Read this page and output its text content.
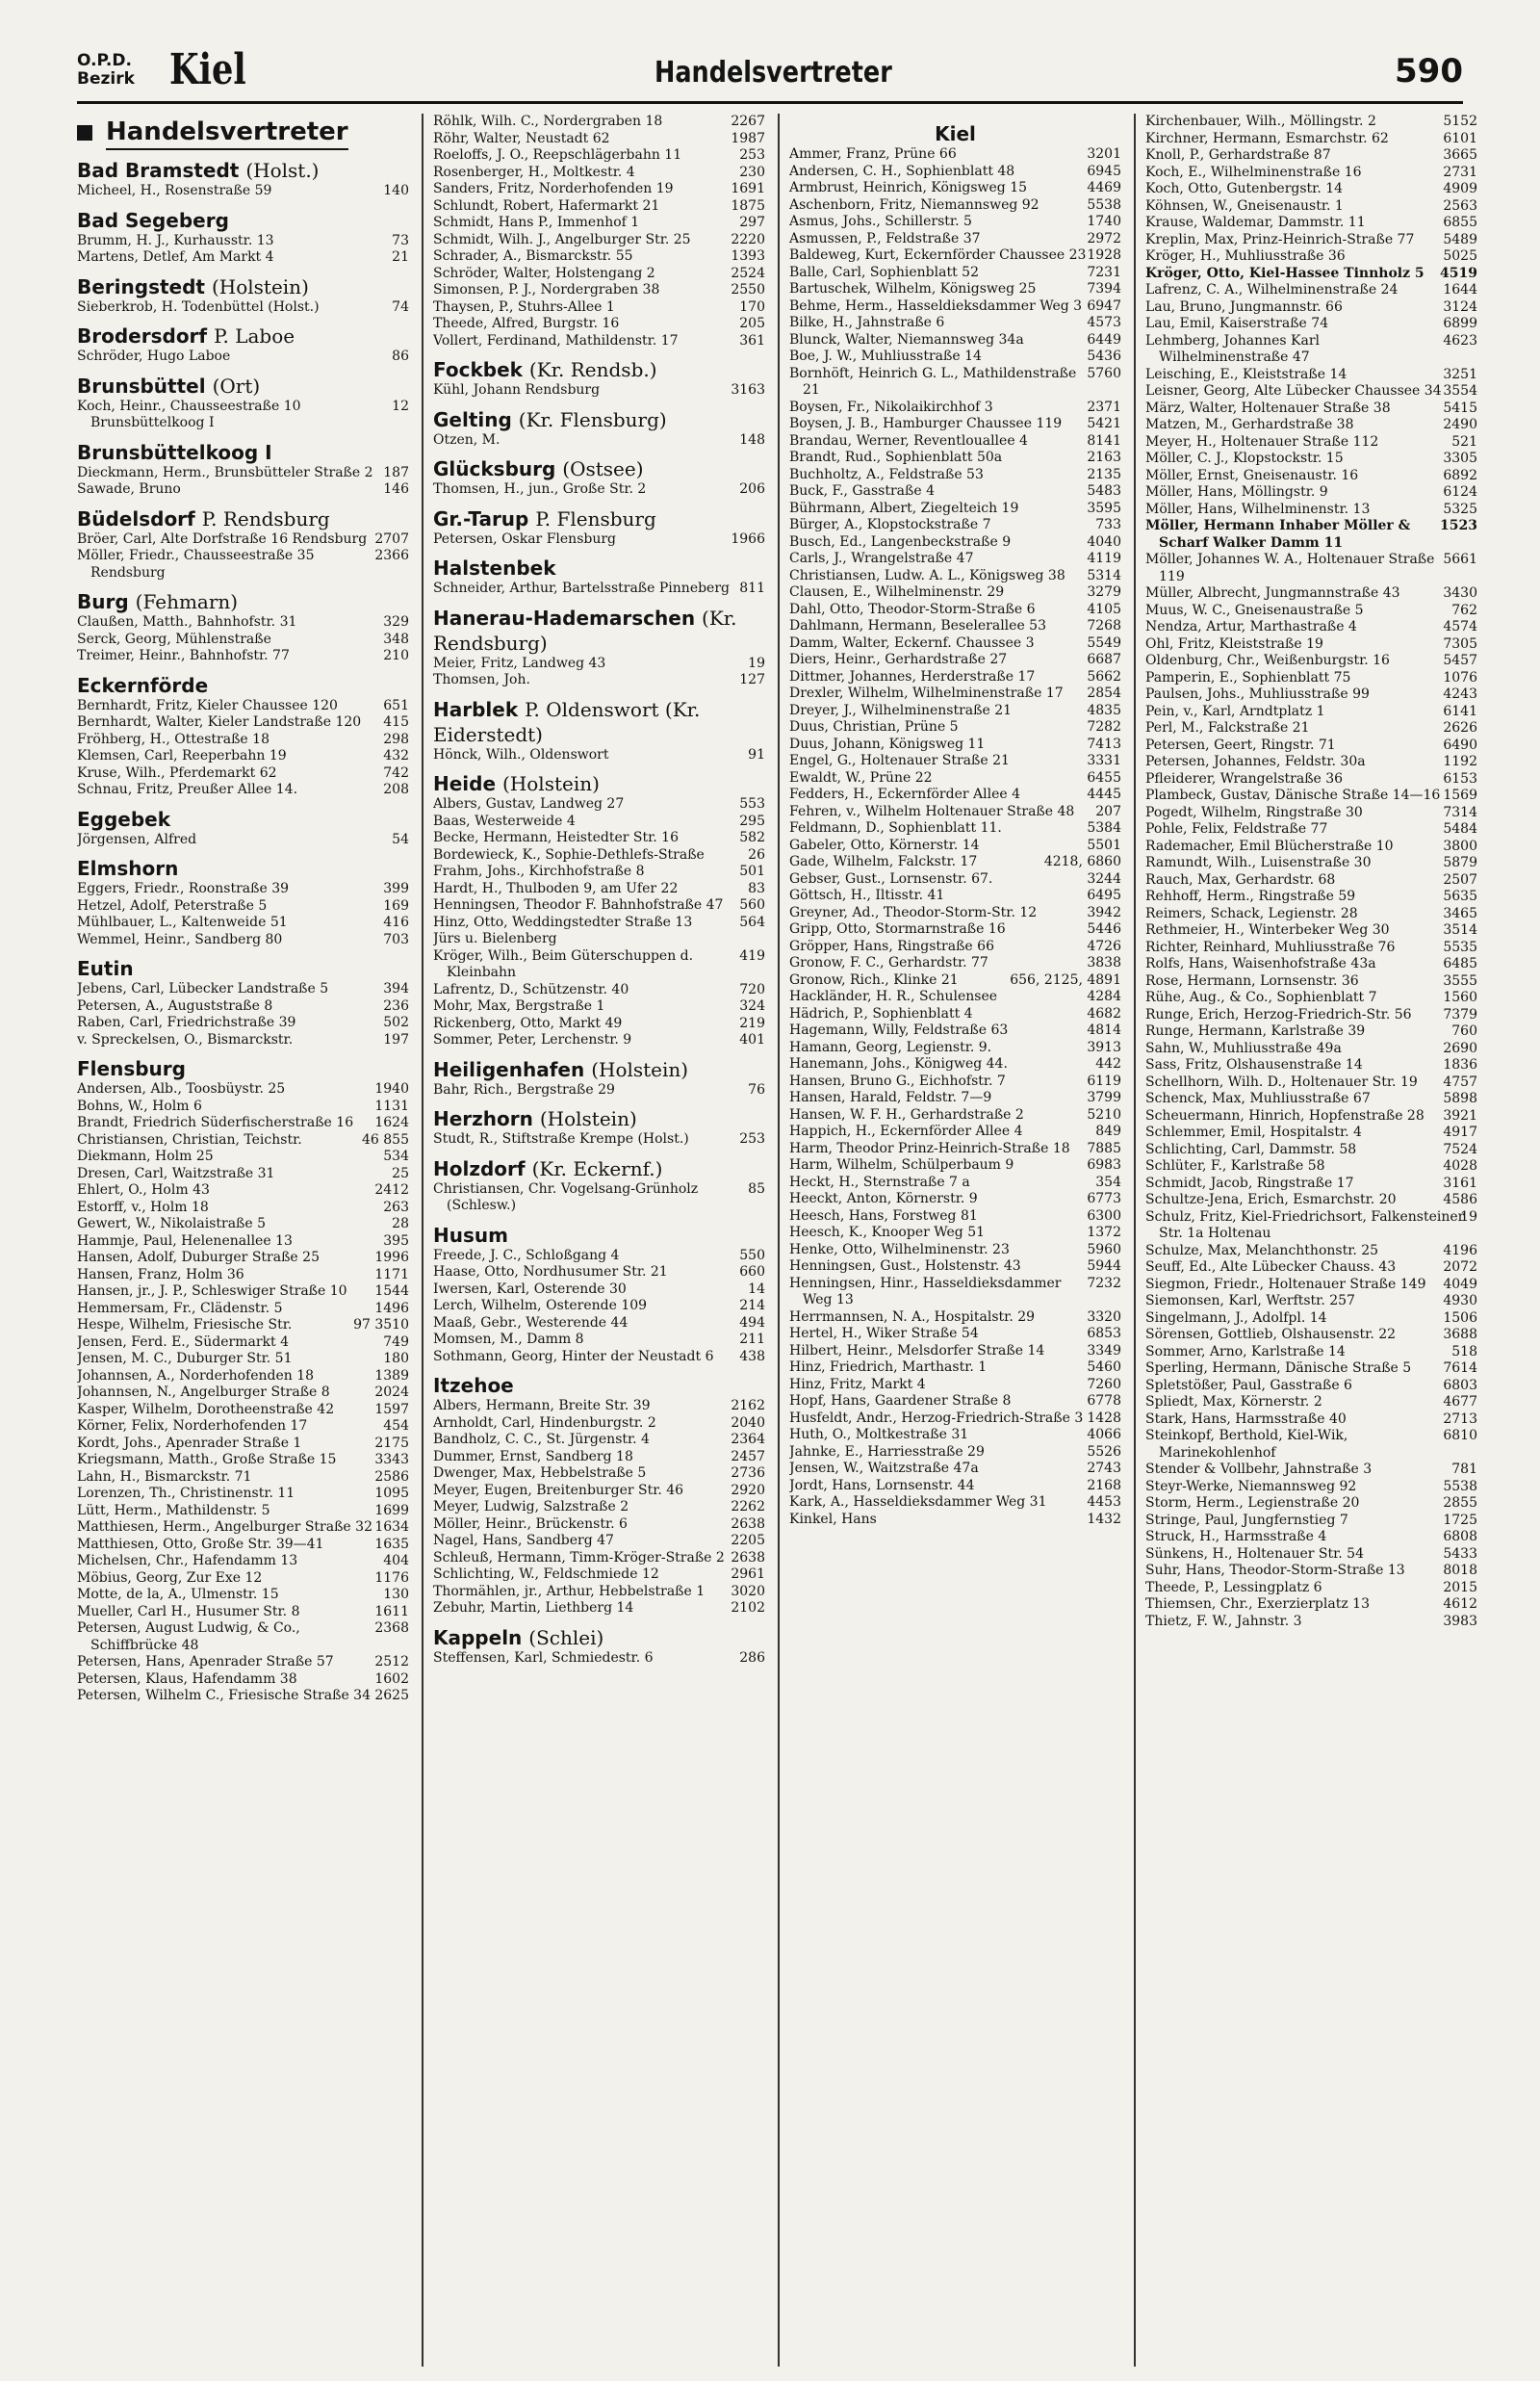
O.P.D.
Bezirk Kiel	Handelsvertreter	590
Handelsvertreter
Bad Bramstedt (Holst.)
140
Micheel, H., Rosenstraße 59
Bad Segeberg
73
Brumm, H. J., Kurhausstr. 13
21
Martens, Detlef, Am Markt 4
Beringstedt (Holstein)
74
Sieberkrob, H. Todenbüttel (Holst.)
Brodersdorf P. Laboe
86
Schröder, Hugo Laboe
Brunsbüttel (Ort)
12
Koch, Heinr., Chausseestraße 10 Brunsbüttelkoog I
Brunsbüttelkoog I
187
Dieckmann, Herm., Brunsbütteler Straße 2
146
Sawade, Bruno
Büdelsdorf P. Rendsburg
2707
Bröer, Carl, Alte Dorfstraße 16 Rendsburg
2366
Möller, Friedr., Chausseestraße 35 Rendsburg
Burg (Fehmarn)
329
Claußen, Matth., Bahnhofstr. 31
348
Serck, Georg, Mühlenstraße
210
Treimer, Heinr., Bahnhofstr. 77
Eckernförde
651
Bernhardt, Fritz, Kieler Chaussee 120
415
Bernhardt, Walter, Kieler Landstraße 120
298
Fröhberg, H., Ottestraße 18
432
Klemsen, Carl, Reeperbahn 19
742
Kruse, Wilh., Pferdemarkt 62
208
Schnau, Fritz, Preußer Allee 14.
Eggebek
54
Jörgensen, Alfred
Elmshorn
399
Eggers, Friedr., Roonstraße 39
169
Hetzel, Adolf, Peterstraße 5
416
Mühlbauer, L., Kaltenweide 51
703
Wemmel, Heinr., Sandberg 80
Eutin
394
Jebens, Carl, Lübecker Landstraße 5
236
Petersen, A., Auguststraße 8
502
Raben, Carl, Friedrichstraße 39
197
v. Spreckelsen, O., Bismarckstr.
Flensburg
1940
Andersen, Alb., Toosbüystr. 25
1131
Bohns, W., Holm 6
1624
Brandt, Friedrich Süderfischerstraße 16
46 855
Christiansen, Christian, Teichstr.
534
Diekmann, Holm 25
25
Dresen, Carl, Waitzstraße 31
2412
Ehlert, O., Holm 43
263
Estorff, v., Holm 18
28
Gewert, W., Nikolaistraße 5
395
Hammje, Paul, Helenenallee 13
1996
Hansen, Adolf, Duburger Straße 25
1171
Hansen, Franz, Holm 36
1544
Hansen, jr., J. P., Schleswiger Straße 10
1496
Hemmersam, Fr., Clädenstr. 5
97 3510
Hespe, Wilhelm, Friesische Str.
749
Jensen, Ferd. E., Südermarkt 4
180
Jensen, M. C., Duburger Str. 51
1389
Johannsen, A., Norderhofenden 18
2024
Johannsen, N., Angelburger Straße 8
1597
Kasper, Wilhelm, Dorotheenstraße 42
454
Körner, Felix, Norderhofenden 17
2175
Kordt, Johs., Apenrader Straße 1
3343
Kriegsmann, Matth., Große Straße 15
2586
Lahn, H., Bismarckstr. 71
1095
Lorenzen, Th., Christinenstr. 11
1699
Lütt, Herm., Mathildenstr. 5
1634
Matthiesen, Herm., Angelburger Straße 32
1635
Matthiesen, Otto, Große Str. 39—41
404
Michelsen, Chr., Hafendamm 13
1176
Möbius, Georg, Zur Exe 12
130
Motte, de la, A., Ulmenstr. 15
1611
Mueller, Carl H., Husumer Str. 8
2368
Petersen, August Ludwig, & Co., Schiffbrücke 48
2512
Petersen, Hans, Apenrader Straße 57
1602
Petersen, Klaus, Hafendamm 38
2625
Petersen, Wilhelm C., Friesische Straße 34
2267
Röhlk, Wilh. C., Nordergraben 18
1987
Röhr, Walter, Neustadt 62
253
Roeloffs, J. O., Reepschlägerbahn 11
230
Rosenberger, H., Moltkestr. 4
1691
Sanders, Fritz, Norderhofenden 19
1875
Schlundt, Robert, Hafermarkt 21
297
Schmidt, Hans P., Immenhof 1
2220
Schmidt, Wilh. J., Angelburger Str. 25
1393
Schrader, A., Bismarckstr. 55
2524
Schröder, Walter, Holstengang 2
2550
Simonsen, P. J., Nordergraben 38
170
Thaysen, P., Stuhrs-Allee 1
205
Theede, Alfred, Burgstr. 16
361
Vollert, Ferdinand, Mathildenstr. 17
Fockbek (Kr. Rendsb.)
3163
Kühl, Johann Rendsburg
Gelting (Kr. Flensburg)
148
Otzen, M.
Glücksburg (Ostsee)
206
Thomsen, H., jun., Große Str. 2
Gr.-Tarup P. Flensburg
1966
Petersen, Oskar Flensburg
Halstenbek
811
Schneider, Arthur, Bartelsstraße Pinneberg
Hanerau-Hademarschen (Kr. Rendsburg)
19
Meier, Fritz, Landweg 43
127
Thomsen, Joh.
Harblek P. Oldenswort (Kr. Eiderstedt)
91
Hönck, Wilh., Oldenswort
Heide (Holstein)
553
Albers, Gustav, Landweg 27
295
Baas, Westerweide 4
582
Becke, Hermann, Heistedter Str. 16
26
Bordewieck, K., Sophie-Dethlefs-Straße
501
Frahm, Johs., Kirchhofstraße 8
83
Hardt, H., Thulboden 9, am Ufer 22
560
Henningsen, Theodor F. Bahnhofstraße 47
564
Hinz, Otto, Weddingstedter Straße 13
Jürs u. Bielenberg
419
Kröger, Wilh., Beim Güterschuppen d. Kleinbahn
720
Lafrentz, D., Schützenstr. 40
324
Mohr, Max, Bergstraße 1
219
Rickenberg, Otto, Markt 49
401
Sommer, Peter, Lerchenstr. 9
Heiligenhafen (Holstein)
76
Bahr, Rich., Bergstraße 29
Herzhorn (Holstein)
253
Studt, R., Stiftstraße Krempe (Holst.)
Holzdorf (Kr. Eckernf.)
85
Christiansen, Chr. Vogelsang-Grünholz (Schlesw.)
Husum
550
Freede, J. C., Schloßgang 4
660
Haase, Otto, Nordhusumer Str. 21
14
Iwersen, Karl, Osterende 30
214
Lerch, Wilhelm, Osterende 109
494
Maaß, Gebr., Westerende 44
211
Momsen, M., Damm 8
438
Sothmann, Georg, Hinter der Neustadt 6
Itzehoe
2162
Albers, Hermann, Breite Str. 39
2040
Arnholdt, Carl, Hindenburgstr. 2
2364
Bandholz, C. C., St. Jürgenstr. 4
2457
Dummer, Ernst, Sandberg 18
2736
Dwenger, Max, Hebbelstraße 5
2920
Meyer, Eugen, Breitenburger Str. 46
2262
Meyer, Ludwig, Salzstraße 2
2638
Möller, Heinr., Brückenstr. 6
2205
Nagel, Hans, Sandberg 47
2638
Schleuß, Hermann, Timm-Kröger-Straße 2
2961
Schlichting, W., Feldschmiede 12
3020
Thormählen, jr., Arthur, Hebbelstraße 1
2102
Zebuhr, Martin, Liethberg 14
Kappeln (Schlei)
286
Steffensen, Karl, Schmiedestr. 6
Kiel
3201
Ammer, Franz, Prüne 66
6945
Andersen, C. H., Sophienblatt 48
4469
Armbrust, Heinrich, Königsweg 15
5538
Aschenborn, Fritz, Niemannsweg 92
1740
Asmus, Johs., Schillerstr. 5
2972
Asmussen, P., Feldstraße 37
1928
Baldeweg, Kurt, Eckernförder Chaussee 23
7231
Balle, Carl, Sophienblatt 52
7394
Bartuschek, Wilhelm, Königsweg 25
6947
Behme, Herm., Hasseldieksdammer Weg 3
4573
Bilke, H., Jahnstraße 6
6449
Blunck, Walter, Niemannsweg 34a
5436
Boe, J. W., Muhliusstraße 14
5760
Bornhöft, Heinrich G. L., Mathildenstraße 21
2371
Boysen, Fr., Nikolaikirchhof 3
5421
Boysen, J. B., Hamburger Chaussee 119
8141
Brandau, Werner, Reventlouallee 4
2163
Brandt, Rud., Sophienblatt 50a
2135
Buchholtz, A., Feldstraße 53
5483
Buck, F., Gasstraße 4
3595
Bührmann, Albert, Ziegelteich 19
733
Bürger, A., Klopstockstraße 7
4040
Busch, Ed., Langenbeckstraße 9
4119
Carls, J., Wrangelstraße 47
5314
Christiansen, Ludw. A. L., Königsweg 38
3279
Clausen, E., Wilhelminenstr. 29
4105
Dahl, Otto, Theodor-Storm-Straße 6
7268
Dahlmann, Hermann, Beselerallee 53
5549
Damm, Walter, Eckernf. Chaussee 3
6687
Diers, Heinr., Gerhardstraße 27
5662
Dittmer, Johannes, Herderstraße 17
2854
Drexler, Wilhelm, Wilhelminenstraße 17
4835
Dreyer, J., Wilhelminenstraße 21
7282
Duus, Christian, Prüne 5
7413
Duus, Johann, Königsweg 11
3331
Engel, G., Holtenauer Straße 21
6455
Ewaldt, W., Prüne 22
4445
Fedders, H., Eckernförder Allee 4
207
Fehren, v., Wilhelm Holtenauer Straße 48
5384
Feldmann, D., Sophienblatt 11.
5501
Gabeler, Otto, Körnerstr. 14
4218, 6860
Gade, Wilhelm, Falckstr. 17
3244
Gebser, Gust., Lornsenstr. 67.
6495
Göttsch, H., Iltisstr. 41
3942
Greyner, Ad., Theodor-Storm-Str. 12
5446
Gripp, Otto, Stormarnstraße 16
4726
Gröpper, Hans, Ringstraße 66
3838
Gronow, F. C., Gerhardstr. 77
656, 2125, 4891
Gronow, Rich., Klinke 21
4284
Hackländer, H. R., Schulensee
4682
Hädrich, P., Sophienblatt 4
4814
Hagemann, Willy, Feldstraße 63
3913
Hamann, Georg, Legienstr. 9.
442
Hanemann, Johs., Königweg 44.
6119
Hansen, Bruno G., Eichhofstr. 7
3799
Hansen, Harald, Feldstr. 7—9
5210
Hansen, W. F. H., Gerhardstraße 2
849
Happich, H., Eckernförder Allee 4
7885
Harm, Theodor Prinz-Heinrich-Straße 18
6983
Harm, Wilhelm, Schülperbaum 9
354
Heckt, H., Sternstraße 7 a
6773
Heeckt, Anton, Körnerstr. 9
6300
Heesch, Hans, Forstweg 81
1372
Heesch, K., Knooper Weg 51
5960
Henke, Otto, Wilhelminenstr. 23
5944
Henningsen, Gust., Holstenstr. 43
7232
Henningsen, Hinr., Hasseldieksdammer Weg 13
3320
Herrmannsen, N. A., Hospitalstr. 29
6853
Hertel, H., Wiker Straße 54
3349
Hilbert, Heinr., Melsdorfer Straße 14
5460
Hinz, Friedrich, Marthastr. 1
7260
Hinz, Fritz, Markt 4
6778
Hopf, Hans, Gaardener Straße 8
1428
Husfeldt, Andr., Herzog-Friedrich-Straße 3
4066
Huth, O., Moltkestraße 31
5526
Jahnke, E., Harriesstraße 29
2743
Jensen, W., Waitzstraße 47a
2168
Jordt, Hans, Lornsenstr. 44
4453
Kark, A., Hasseldieksdammer Weg 31
1432
Kinkel, Hans
5152
Kirchenbauer, Wilh., Möllingstr. 2
6101
Kirchner, Hermann, Esmarchstr. 62
3665
Knoll, P., Gerhardstraße 87
2731
Koch, E., Wilhelminenstraße 16
4909
Koch, Otto, Gutenbergstr. 14
2563
Köhnsen, W., Gneisenaustr. 1
6855
Krause, Waldemar, Dammstr. 11
5489
Kreplin, Max, Prinz-Heinrich-Straße 77
5025
Kröger, H., Muhliusstraße 36
4519
Kröger, Otto, Kiel-Hassee Tinnholz 5
1644
Lafrenz, C. A., Wilhelminenstraße 24
3124
Lau, Bruno, Jungmannstr. 66
6899
Lau, Emil, Kaiserstraße 74
4623
Lehmberg, Johannes Karl Wilhelminenstraße 47
3251
Leisching, E., Kleiststraße 14
3554
Leisner, Georg, Alte Lübecker Chaussee 34
5415
März, Walter, Holtenauer Straße 38
2490
Matzen, M., Gerhardstraße 38
521
Meyer, H., Holtenauer Straße 112
3305
Möller, C. J., Klopstockstr. 15
6892
Möller, Ernst, Gneisenaustr. 16
6124
Möller, Hans, Möllingstr. 9
5325
Möller, Hans, Wilhelminenstr. 13
1523
Möller, Hermann Inhaber Möller & Scharf Walker Damm 11
5661
Möller, Johannes W. A., Holtenauer Straße 119
3430
Müller, Albrecht, Jungmannstraße 43
762
Muus, W. C., Gneisenaustraße 5
4574
Nendza, Artur, Marthastraße 4
7305
Ohl, Fritz, Kleiststraße 19
5457
Oldenburg, Chr., Weißenburgstr. 16
1076
Pamperin, E., Sophienblatt 75
4243
Paulsen, Johs., Muhliusstraße 99
6141
Pein, v., Karl, Arndtplatz 1
2626
Perl, M., Falckstraße 21
6490
Petersen, Geert, Ringstr. 71
1192
Petersen, Johannes, Feldstr. 30a
6153
Pfleiderer, Wrangelstraße 36
1569
Plambeck, Gustav, Dänische Straße 14—16
7314
Pogedt, Wilhelm, Ringstraße 30
5484
Pohle, Felix, Feldstraße 77
3800
Rademacher, Emil Blücherstraße 10
5879
Ramundt, Wilh., Luisenstraße 30
2507
Rauch, Max, Gerhardstr. 68
5635
Rehhoff, Herm., Ringstraße 59
3465
Reimers, Schack, Legienstr. 28
3514
Rethmeier, H., Winterbeker Weg 30
5535
Richter, Reinhard, Muhliusstraße 76
6485
Rolfs, Hans, Waisenhofstraße 43a
3555
Rose, Hermann, Lornsenstr. 36
1560
Rühe, Aug., & Co., Sophienblatt 7
7379
Runge, Erich, Herzog-Friedrich-Str. 56
760
Runge, Hermann, Karlstraße 39
2690
Sahn, W., Muhliusstraße 49a
1836
Sass, Fritz, Olshausenstraße 14
4757
Schellhorn, Wilh. D., Holtenauer Str. 19
5898
Schenck, Max, Muhliusstraße 67
3921
Scheuermann, Hinrich, Hopfenstraße 28
4917
Schlemmer, Emil, Hospitalstr. 4
7524
Schlichting, Carl, Dammstr. 58
4028
Schlüter, F., Karlstraße 58
3161
Schmidt, Jacob, Ringstraße 17
4586
Schultze-Jena, Erich, Esmarchstr. 20
19
Schulz, Fritz, Kiel-Friedrichsort, Falkensteiner Str. 1a Holtenau
4196
Schulze, Max, Melanchthonstr. 25
2072
Seuff, Ed., Alte Lübecker Chauss. 43
4049
Siegmon, Friedr., Holtenauer Straße 149
4930
Siemonsen, Karl, Werftstr. 257
1506
Singelmann, J., Adolfpl. 14
3688
Sörensen, Gottlieb, Olshausenstr. 22
518
Sommer, Arno, Karlstraße 14
7614
Sperling, Hermann, Dänische Straße 5
6803
Spletstößer, Paul, Gasstraße 6
4677
Spliedt, Max, Körnerstr. 2
2713
Stark, Hans, Harmsstraße 40
6810
Steinkopf, Berthold, Kiel-Wik, Marinekohlenhof
781
Stender & Vollbehr, Jahnstraße 3
5538
Steyr-Werke, Niemannsweg 92
2855
Storm, Herm., Legienstraße 20
1725
Stringe, Paul, Jungfernstieg 7
6808
Struck, H., Harmsstraße 4
5433
Sünkens, H., Holtenauer Str. 54
8018
Suhr, Hans, Theodor-Storm-Straße 13
2015
Theede, P., Lessingplatz 6
4612
Thiemsen, Chr., Exerzierplatz 13
3983
Thietz, F. W., Jahnstr. 3
